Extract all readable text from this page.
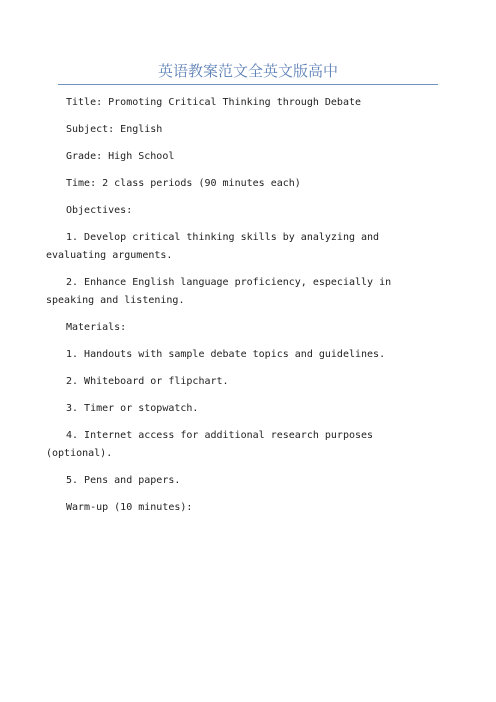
英语教案范文全英文版高中

Title: Promoting Critical Thinking through Debate

Subject: English

Grade: High School

Time: 2 class periods (90 minutes each)

Objectives:

1. Develop critical thinking skills by analyzing and evaluating arguments.

2. Enhance English language proficiency, especially in speaking and listening.

Materials:

1. Handouts with sample debate topics and guidelines.

2. Whiteboard or flipchart.

3. Timer or stopwatch.

4. Internet access for additional research purposes (optional).

5. Pens and papers.

Warm-up (10 minutes):
